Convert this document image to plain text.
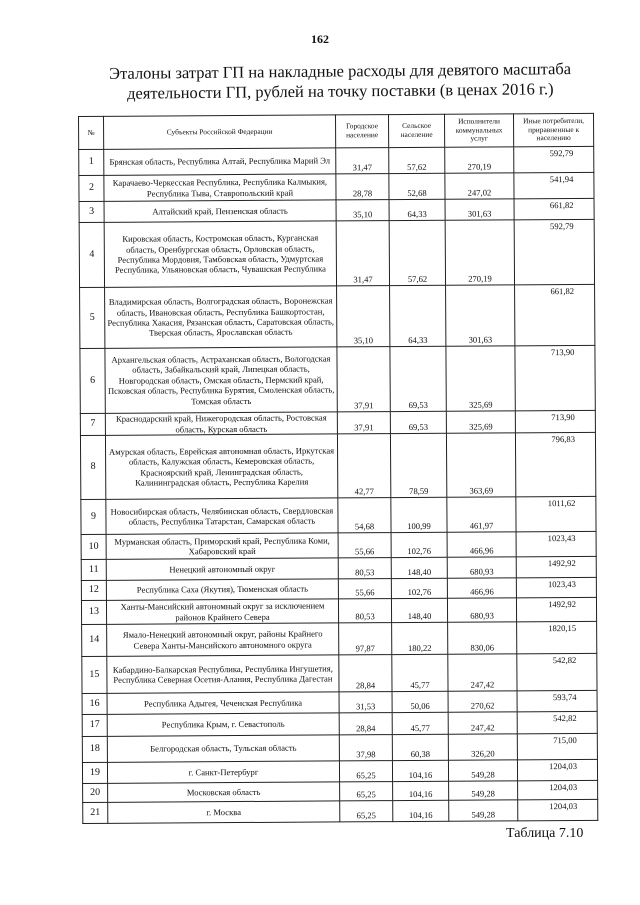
162
Эталоны затрат ГП на накладные расходы для девятого масштаба
деятельности ГП, рублей на точку поставки (в ценах 2016 г.)
№	Субъекты Российской Федерации	Городское население	Сельское население	Исполнители коммунальных услуг	Иные потребители, приравненные к населению
1	Брянская область, Республика Алтай, Республика Марий Эл	31,47	57,62	270,19	592,79
2	Карачаево-Черкесская Республика, Республика Калмыкия, Республика Тыва, Ставропольский край	28,78	52,68	247,02	541,94
3	Алтайский край, Пензенская область	35,10	64,33	301,63	661,82
4	Кировская область, Костромская область, Курганская область, Оренбургская область, Орловская область, Республика Мордовия, Тамбовская область, Удмуртская Республика, Ульяновская область, Чувашская Республика	31,47	57,62	270,19	592,79
5	Владимирская область, Волгоградская область, Воронежская область, Ивановская область, Республика Башкортостан, Республика Хакасия, Рязанская область, Саратовская область, Тверская область, Ярославская область	35,10	64,33	301,63	661,82
6	Архангельская область, Астраханская область, Вологодская область, Забайкальский край, Липецкая область, Новгородская область, Омская область, Пермский край, Псковская область, Республика Бурятия, Смоленская область, Томская область	37,91	69,53	325,69	713,90
7	Краснодарский край, Нижегородская область, Ростовская область, Курская область	37,91	69,53	325,69	713,90
8	Амурская область, Еврейская автономная область, Иркутская область, Калужская область, Кемеровская область, Красноярский край, Ленинградская область, Калининградская область, Республика Карелия	42,77	78,59	363,69	796,83
9	Новосибирская область, Челябинская область, Свердловская область, Республика Татарстан, Самарская область	54,68	100,99	461,97	1011,62
10	Мурманская область, Приморский край, Республика Коми, Хабаровский край	55,66	102,76	466,96	1023,43
11	Ненецкий автономный округ	80,53	148,40	680,93	1492,92
12	Республика Саха (Якутия), Тюменская область	55,66	102,76	466,96	1023,43
13	Ханты-Мансийский автономный округ за исключением районов Крайнего Севера	80,53	148,40	680,93	1492,92
14	Ямало-Ненецкий автономный округ, районы Крайнего Севера Ханты-Мансийского автономного округа	97,87	180,22	830,06	1820,15
15	Кабардино-Балкарская Республика, Республика Ингушетия, Республика Северная Осетия-Алания, Республика Дагестан	28,84	45,77	247,42	542,82
16	Республика Адыгея, Чеченская Республика	31,53	50,06	270,62	593,74
17	Республика Крым, г. Севастополь	28,84	45,77	247,42	542,82
18	Белгородская область, Тульская область	37,98	60,38	326,20	715,00
19	г. Санкт-Петербург	65,25	104,16	549,28	1204,03
20	Московская область	65,25	104,16	549,28	1204,03
21	г. Москва	65,25	104,16	549,28	1204,03
Таблица 7.10
